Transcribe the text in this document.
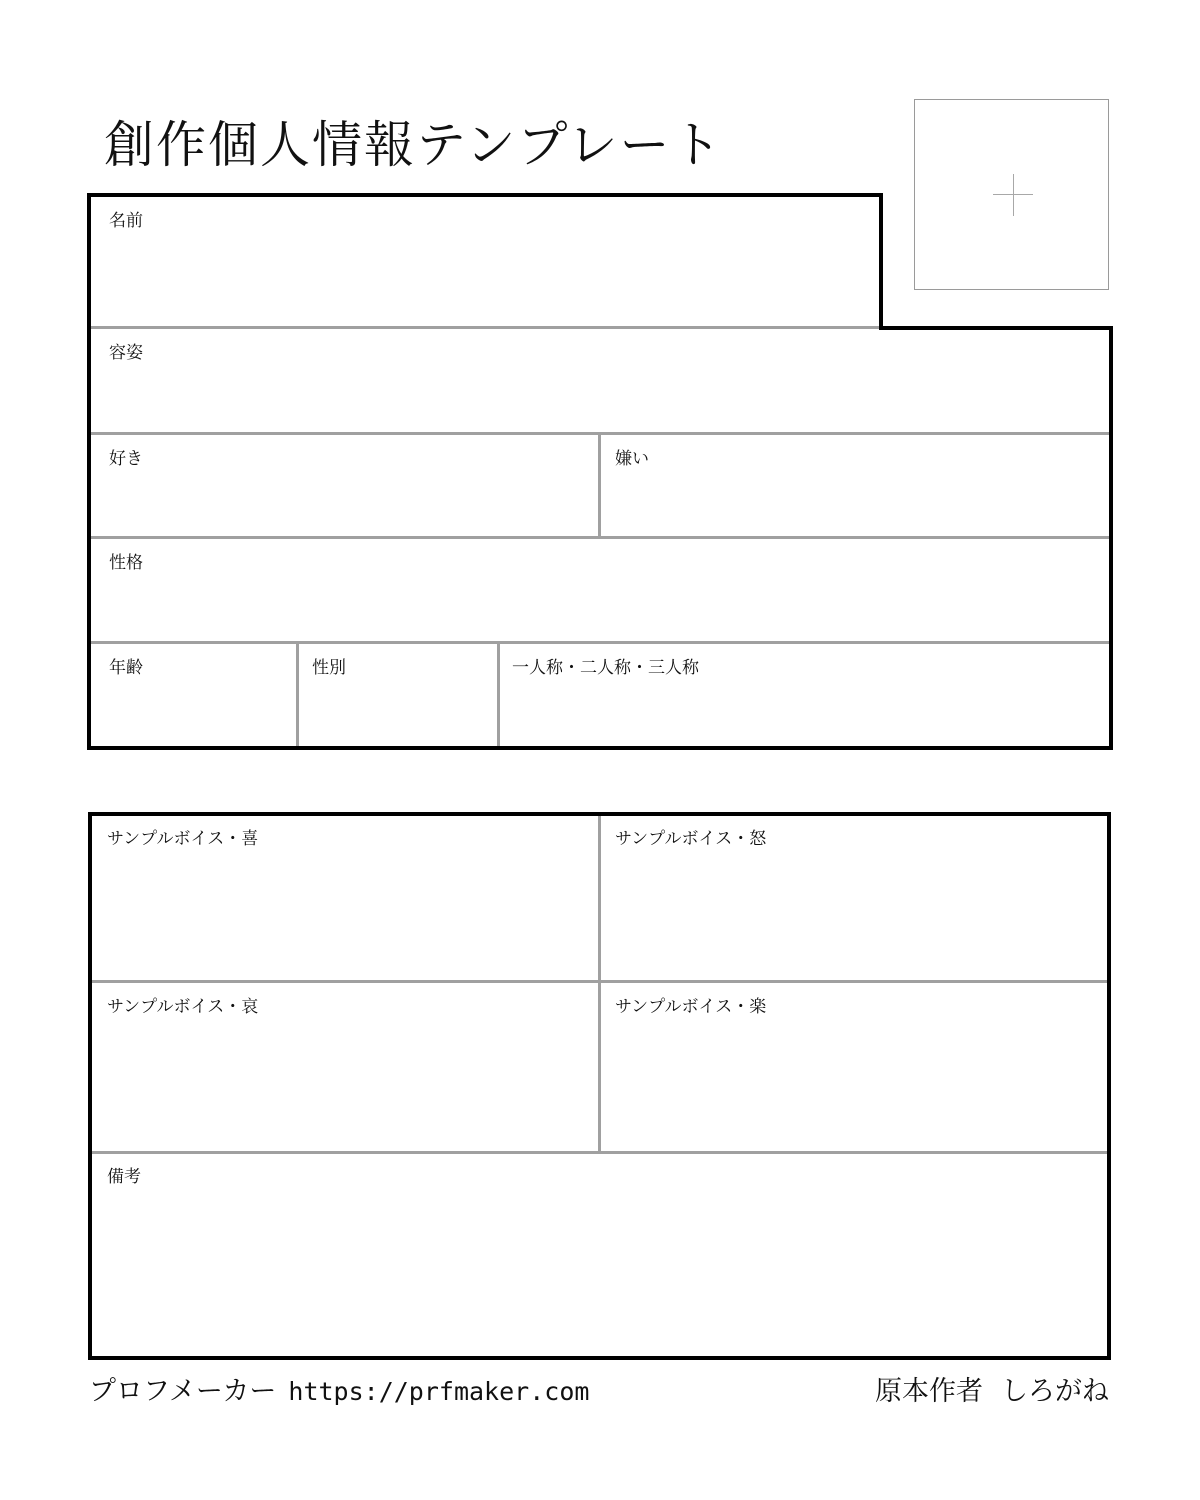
創作個人情報テンプレート
名前
容姿
好き	嫌い
性格
年齢	性別	一人称・二人称・三人称
サンプルボイス・喜	サンプルボイス・怒
サンプルボイス・哀	サンプルボイス・楽
備考
プロフメーカー https://prfmaker.com	原本作者 しろがね
